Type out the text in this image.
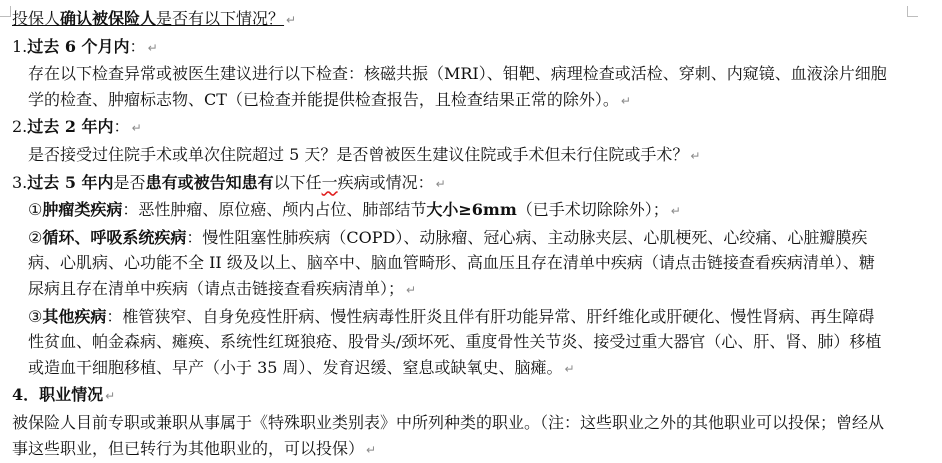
投保人确认被保险人是否有以下情况？ ↵
1.过去 6 个月内： ↵
存在以下检查异常或被医生建议进行以下检查：核磁共振（MRI）、钼靶、病理检查或活检、穿刺、内窥镜、血液涂片细胞学的检查、肿瘤标志物、CT（已检查并能提供检查报告，且检查结果正常的除外）。 ↵
2.过去 2 年内： ↵
是否接受过住院手术或单次住院超过 5 天？是否曾被医生建议住院或手术但未行住院或手术？ ↵
3.过去 5 年内是否患有或被告知患有以下任一疾病或情况： ↵
①肿瘤类疾病：恶性肿瘤、原位癌、颅内占位、肺部结节大小≥6mm（已手术切除除外）； ↵
②循环、呼吸系统疾病：慢性阻塞性肺疾病（COPD）、动脉瘤、冠心病、主动脉夹层、心肌梗死、心绞痛、心脏瓣膜疾病、心肌病、心功能不全 II 级及以上、脑卒中、脑血管畸形、高血压且存在清单中疾病（请点击链接查看疾病清单）、糖尿病且存在清单中疾病（请点击链接查看疾病清单）； ↵
③其他疾病：椎管狭窄、自身免疫性肝病、慢性病毒性肝炎且伴有肝功能异常、肝纤维化或肝硬化、慢性肾病、再生障碍性贫血、帕金森病、瘫痪、系统性红斑狼疮、股骨头/颈坏死、重度骨性关节炎、接受过重大器官（心、肝、肾、肺）移植或造血干细胞移植、早产（小于 35 周）、发育迟缓、窒息或缺氧史、脑瘫。 ↵
4．职业情况 ↵
被保险人目前专职或兼职从事属于《特殊职业类别表》中所列种类的职业。（注：这些职业之外的其他职业可以投保；曾经从事这些职业，但已转行为其他职业的，可以投保） ↵
